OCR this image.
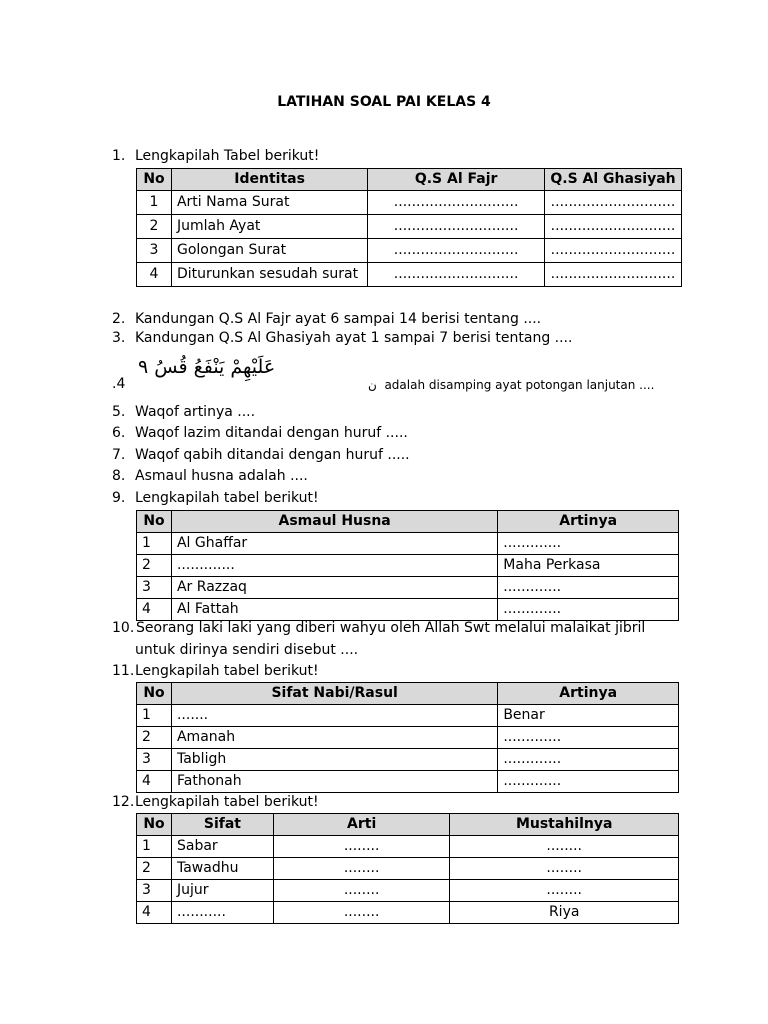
LATIHAN SOAL PAI KELAS 4
1. Lengkapilah Tabel berikut!
No	Identitas	Q.S Al Fajr	Q.S Al Ghasiyah
1	Arti Nama Surat	............................	............................
2	Jumlah Ayat	............................	............................
3	Golongan Surat	............................	............................
4	Diturunkan sesudah surat	............................	............................
2. Kandungan Q.S Al Fajr ayat 6 sampai 14 berisi tentang ....
3. Kandungan Q.S Al Ghasiyah ayat 1 sampai 7 berisi tentang ....
.4
عَلَيْهِمْ يَنْفَعُ قُسُ ٩
ن adalah disamping ayat potongan lanjutan ....
5. Waqof artinya ....
6. Waqof lazim ditandai dengan huruf .....
7. Waqof qabih ditandai dengan huruf .....
8. Asmaul husna adalah ....
9. Lengkapilah tabel berikut!
No	Asmaul Husna	Artinya
1	Al Ghaffar	.............
2	.............	Maha Perkasa
3	Ar Razzaq	.............
4	Al Fattah	.............
10. Seorang laki laki yang diberi wahyu oleh Allah Swt melalui malaikat jibril
untuk dirinya sendiri disebut ....
11.Lengkapilah tabel berikut!
No	Sifat Nabi/Rasul	Artinya
1	.......	Benar
2	Amanah	.............
3	Tabligh	.............
4	Fathonah	.............
12.Lengkapilah tabel berikut!
No	Sifat	Arti	Mustahilnya
1	Sabar	........	........
2	Tawadhu	........	........
3	Jujur	........	........
4	...........	........	Riya
